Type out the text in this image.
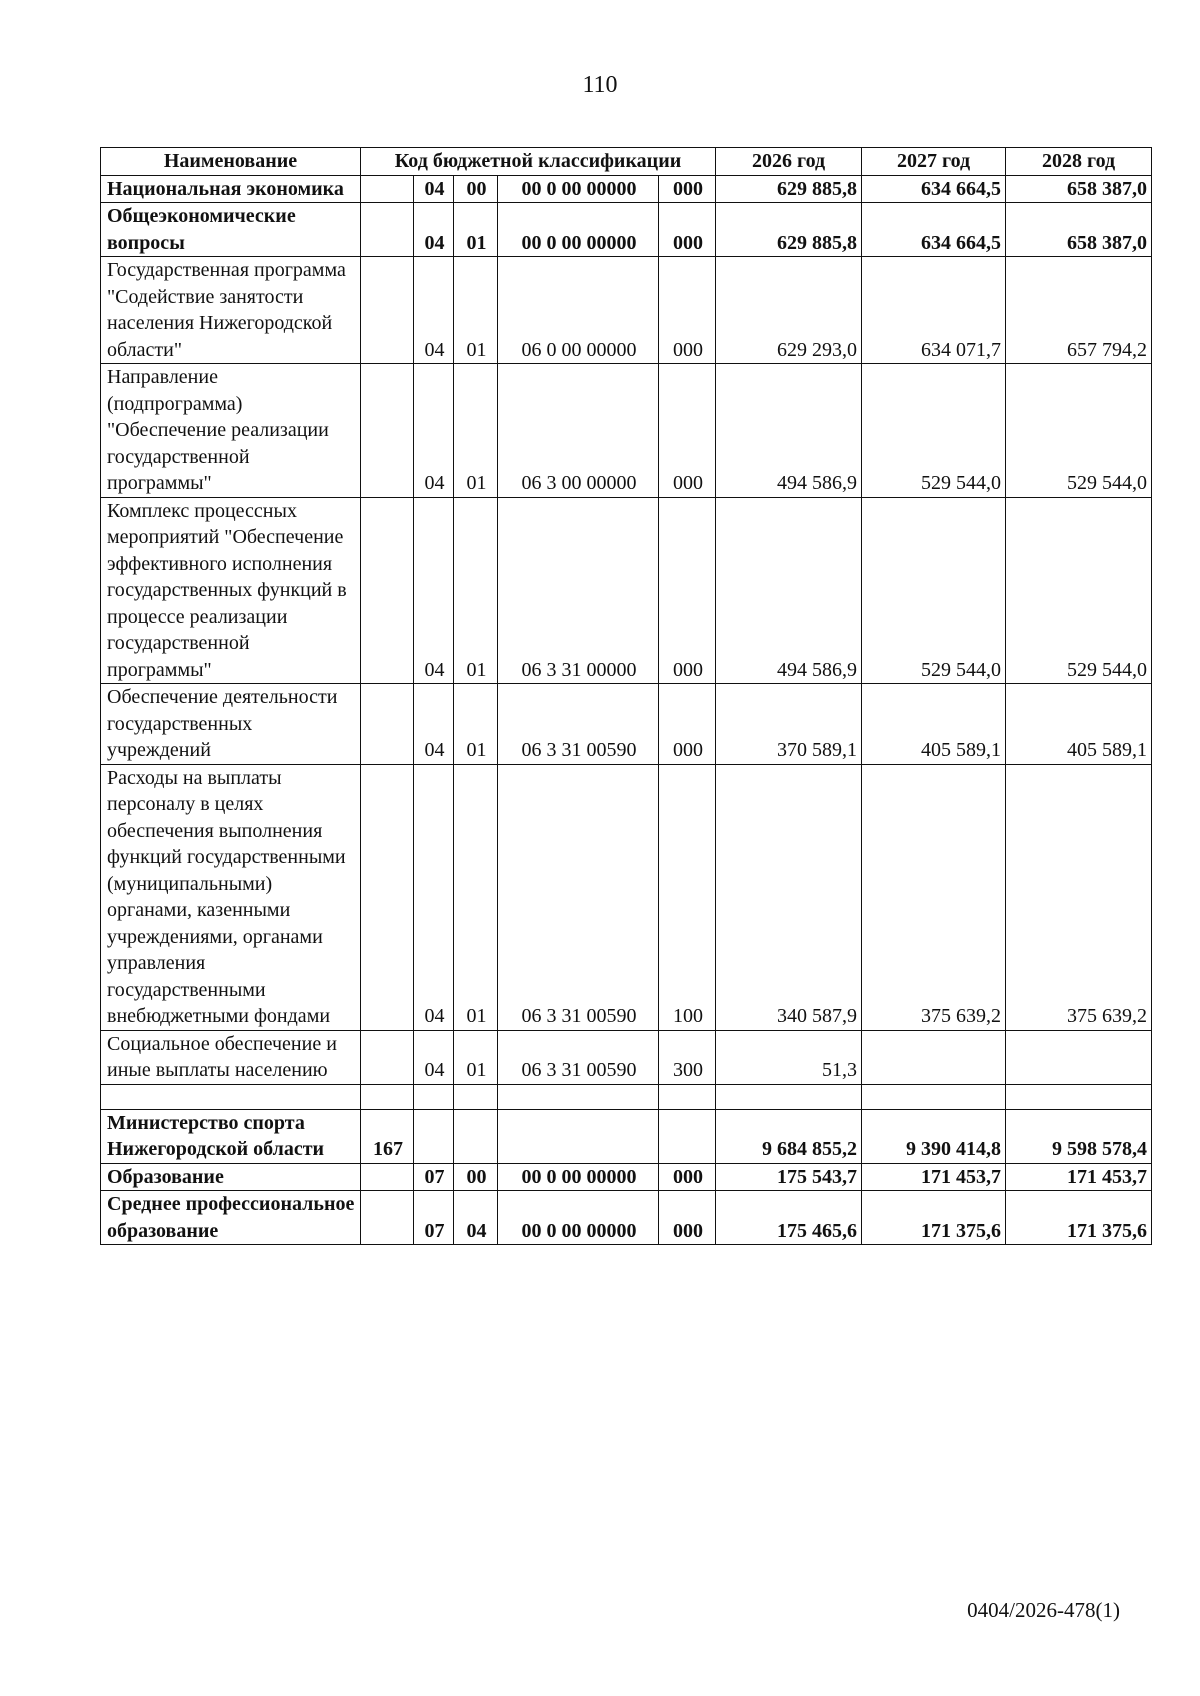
110
Наименование	Код бюджетной классификации					2026 год	2027 год	2028 год
Национальная экономика		04	00	00 0 00 00000	000	629 885,8	634 664,5	658 387,0
Общеэкономические вопросы		04	01	00 0 00 00000	000	629 885,8	634 664,5	658 387,0
Государственная программа "Содействие занятости населения Нижегородской области"		04	01	06 0 00 00000	000	629 293,0	634 071,7	657 794,2
Направление (подпрограмма) "Обеспечение реализации государственной программы"		04	01	06 3 00 00000	000	494 586,9	529 544,0	529 544,0
Комплекс процессных мероприятий "Обеспечение эффективного исполнения государственных функций в процессе реализации государственной программы"		04	01	06 3 31 00000	000	494 586,9	529 544,0	529 544,0
Обеспечение деятельности государственных учреждений		04	01	06 3 31 00590	000	370 589,1	405 589,1	405 589,1
Расходы на выплаты персоналу в целях обеспечения выполнения функций государственными (муниципальными) органами, казенными учреждениями, органами управления государственными внебюджетными фондами		04	01	06 3 31 00590	100	340 587,9	375 639,2	375 639,2
Социальное обеспечение и иные выплаты населению		04	01	06 3 31 00590	300	51,3		

Министерство спорта Нижегородской области	167					9 684 855,2	9 390 414,8	9 598 578,4
Образование		07	00	00 0 00 00000	000	175 543,7	171 453,7	171 453,7
Среднее профессиональное образование		07	04	00 0 00 00000	000	175 465,6	171 375,6	171 375,6
0404/2026-478(1)
